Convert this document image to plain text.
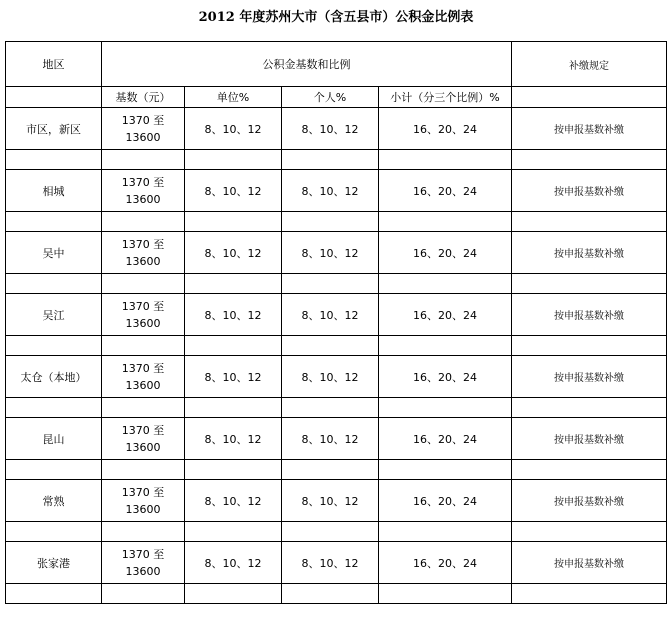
2012 年度苏州大市（含五县市）公积金比例表
地区	公积金基数和比例				补缴规定
	基数（元）	单位%	个人%	小计（分三个比例）%	
市区，新区	1370 至
13600	8、10、12	8、10、12	16、20、24	按申报基数补缴

相城	1370 至
13600	8、10、12	8、10、12	16、20、24	按申报基数补缴

吴中	1370 至
13600	8、10、12	8、10、12	16、20、24	按申报基数补缴

吴江	1370 至
13600	8、10、12	8、10、12	16、20、24	按申报基数补缴

太仓（本地）	1370 至
13600	8、10、12	8、10、12	16、20、24	按申报基数补缴

昆山	1370 至
13600	8、10、12	8、10、12	16、20、24	按申报基数补缴

常熟	1370 至
13600	8、10、12	8、10、12	16、20、24	按申报基数补缴

张家港	1370 至
13600	8、10、12	8、10、12	16、20、24	按申报基数补缴
